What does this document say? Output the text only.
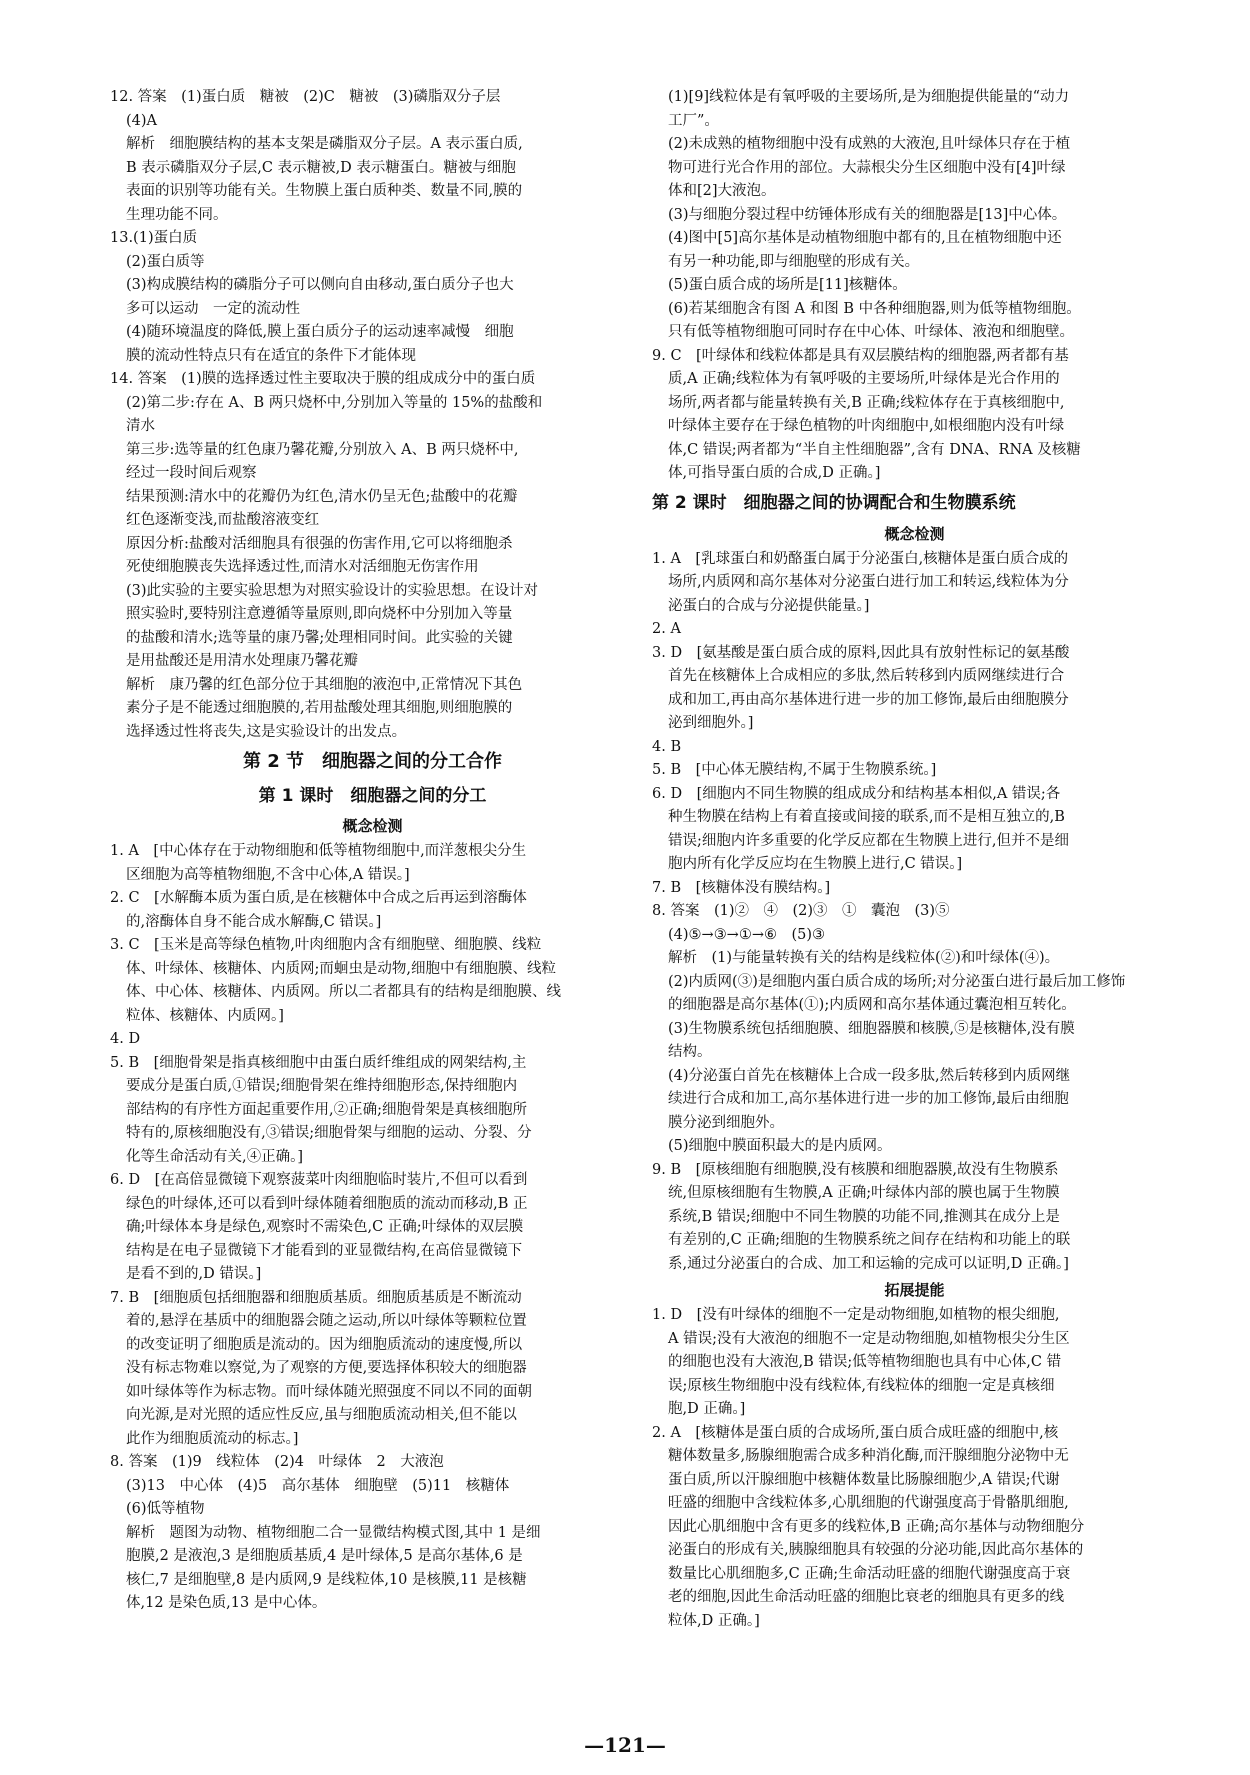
12. 答案　(1)蛋白质　糖被　(2)C　糖被　(3)磷脂双分子层
(4)A
解析　细胞膜结构的基本支架是磷脂双分子层。A 表示蛋白质,
B 表示磷脂双分子层,C 表示糖被,D 表示糖蛋白。糖被与细胞
表面的识别等功能有关。生物膜上蛋白质种类、数量不同,膜的
生理功能不同。
13.(1)蛋白质
(2)蛋白质等
(3)构成膜结构的磷脂分子可以侧向自由移动,蛋白质分子也大
多可以运动　一定的流动性
(4)随环境温度的降低,膜上蛋白质分子的运动速率减慢　细胞
膜的流动性特点只有在适宜的条件下才能体现
14. 答案　(1)膜的选择透过性主要取决于膜的组成成分中的蛋白质
(2)第二步:存在 A、B 两只烧杯中,分别加入等量的 15%的盐酸和
清水
第三步:选等量的红色康乃馨花瓣,分别放入 A、B 两只烧杯中,
经过一段时间后观察
结果预测:清水中的花瓣仍为红色,清水仍呈无色;盐酸中的花瓣
红色逐渐变浅,而盐酸溶液变红
原因分析:盐酸对活细胞具有很强的伤害作用,它可以将细胞杀
死使细胞膜丧失选择透过性,而清水对活细胞无伤害作用
(3)此实验的主要实验思想为对照实验设计的实验思想。在设计对
照实验时,要特别注意遵循等量原则,即向烧杯中分别加入等量
的盐酸和清水;选等量的康乃馨;处理相同时间。此实验的关键
是用盐酸还是用清水处理康乃馨花瓣
解析　康乃馨的红色部分位于其细胞的液泡中,正常情况下其色
素分子是不能透过细胞膜的,若用盐酸处理其细胞,则细胞膜的
选择透过性将丧失,这是实验设计的出发点。
第 2 节　细胞器之间的分工合作
第 1 课时　细胞器之间的分工
概念检测
1. A　[中心体存在于动物细胞和低等植物细胞中,而洋葱根尖分生
区细胞为高等植物细胞,不含中心体,A 错误。]
2. C　[水解酶本质为蛋白质,是在核糖体中合成之后再运到溶酶体
的,溶酶体自身不能合成水解酶,C 错误。]
3. C　[玉米是高等绿色植物,叶肉细胞内含有细胞壁、细胞膜、线粒
体、叶绿体、核糖体、内质网;而蛔虫是动物,细胞中有细胞膜、线粒
体、中心体、核糖体、内质网。所以二者都具有的结构是细胞膜、线
粒体、核糖体、内质网。]
4. D
5. B　[细胞骨架是指真核细胞中由蛋白质纤维组成的网架结构,主
要成分是蛋白质,①错误;细胞骨架在维持细胞形态,保持细胞内
部结构的有序性方面起重要作用,②正确;细胞骨架是真核细胞所
特有的,原核细胞没有,③错误;细胞骨架与细胞的运动、分裂、分
化等生命活动有关,④正确。]
6. D　[在高倍显微镜下观察菠菜叶肉细胞临时装片,不但可以看到
绿色的叶绿体,还可以看到叶绿体随着细胞质的流动而移动,B 正
确;叶绿体本身是绿色,观察时不需染色,C 正确;叶绿体的双层膜
结构是在电子显微镜下才能看到的亚显微结构,在高倍显微镜下
是看不到的,D 错误。]
7. B　[细胞质包括细胞器和细胞质基质。细胞质基质是不断流动
着的,悬浮在基质中的细胞器会随之运动,所以叶绿体等颗粒位置
的改变证明了细胞质是流动的。因为细胞质流动的速度慢,所以
没有标志物难以察觉,为了观察的方便,要选择体积较大的细胞器
如叶绿体等作为标志物。而叶绿体随光照强度不同以不同的面朝
向光源,是对光照的适应性反应,虽与细胞质流动相关,但不能以
此作为细胞质流动的标志。]
8. 答案　(1)9　线粒体　(2)4　叶绿体　2　大液泡
(3)13　中心体　(4)5　高尔基体　细胞壁　(5)11　核糖体
(6)低等植物
解析　题图为动物、植物细胞二合一显微结构模式图,其中 1 是细
胞膜,2 是液泡,3 是细胞质基质,4 是叶绿体,5 是高尔基体,6 是
核仁,7 是细胞壁,8 是内质网,9 是线粒体,10 是核膜,11 是核糖
体,12 是染色质,13 是中心体。
(1)[9]线粒体是有氧呼吸的主要场所,是为细胞提供能量的“动力
工厂”。
(2)未成熟的植物细胞中没有成熟的大液泡,且叶绿体只存在于植
物可进行光合作用的部位。大蒜根尖分生区细胞中没有[4]叶绿
体和[2]大液泡。
(3)与细胞分裂过程中纺锤体形成有关的细胞器是[13]中心体。
(4)图中[5]高尔基体是动植物细胞中都有的,且在植物细胞中还
有另一种功能,即与细胞壁的形成有关。
(5)蛋白质合成的场所是[11]核糖体。
(6)若某细胞含有图 A 和图 B 中各种细胞器,则为低等植物细胞。
只有低等植物细胞可同时存在中心体、叶绿体、液泡和细胞壁。
9. C　[叶绿体和线粒体都是具有双层膜结构的细胞器,两者都有基
质,A 正确;线粒体为有氧呼吸的主要场所,叶绿体是光合作用的
场所,两者都与能量转换有关,B 正确;线粒体存在于真核细胞中,
叶绿体主要存在于绿色植物的叶肉细胞中,如根细胞内没有叶绿
体,C 错误;两者都为“半自主性细胞器”,含有 DNA、RNA 及核糖
体,可指导蛋白质的合成,D 正确。]
第 2 课时　细胞器之间的协调配合和生物膜系统
概念检测
1. A　[乳球蛋白和奶酪蛋白属于分泌蛋白,核糖体是蛋白质合成的
场所,内质网和高尔基体对分泌蛋白进行加工和转运,线粒体为分
泌蛋白的合成与分泌提供能量。]
2. A
3. D　[氨基酸是蛋白质合成的原料,因此具有放射性标记的氨基酸
首先在核糖体上合成相应的多肽,然后转移到内质网继续进行合
成和加工,再由高尔基体进行进一步的加工修饰,最后由细胞膜分
泌到细胞外。]
4. B
5. B　[中心体无膜结构,不属于生物膜系统。]
6. D　[细胞内不同生物膜的组成成分和结构基本相似,A 错误;各
种生物膜在结构上有着直接或间接的联系,而不是相互独立的,B
错误;细胞内许多重要的化学反应都在生物膜上进行,但并不是细
胞内所有化学反应均在生物膜上进行,C 错误。]
7. B　[核糖体没有膜结构。]
8. 答案　(1)②　④　(2)③　①　囊泡　(3)⑤
(4)⑤→③→①→⑥　(5)③
解析　(1)与能量转换有关的结构是线粒体(②)和叶绿体(④)。
(2)内质网(③)是细胞内蛋白质合成的场所;对分泌蛋白进行最后加工修饰
的细胞器是高尔基体(①);内质网和高尔基体通过囊泡相互转化。
(3)生物膜系统包括细胞膜、细胞器膜和核膜,⑤是核糖体,没有膜
结构。
(4)分泌蛋白首先在核糖体上合成一段多肽,然后转移到内质网继
续进行合成和加工,高尔基体进行进一步的加工修饰,最后由细胞
膜分泌到细胞外。
(5)细胞中膜面积最大的是内质网。
9. B　[原核细胞有细胞膜,没有核膜和细胞器膜,故没有生物膜系
统,但原核细胞有生物膜,A 正确;叶绿体内部的膜也属于生物膜
系统,B 错误;细胞中不同生物膜的功能不同,推测其在成分上是
有差别的,C 正确;细胞的生物膜系统之间存在结构和功能上的联
系,通过分泌蛋白的合成、加工和运输的完成可以证明,D 正确。]
拓展提能
1. D　[没有叶绿体的细胞不一定是动物细胞,如植物的根尖细胞,
A 错误;没有大液泡的细胞不一定是动物细胞,如植物根尖分生区
的细胞也没有大液泡,B 错误;低等植物细胞也具有中心体,C 错
误;原核生物细胞中没有线粒体,有线粒体的细胞一定是真核细
胞,D 正确。]
2. A　[核糖体是蛋白质的合成场所,蛋白质合成旺盛的细胞中,核
糖体数量多,肠腺细胞需合成多种消化酶,而汗腺细胞分泌物中无
蛋白质,所以汗腺细胞中核糖体数量比肠腺细胞少,A 错误;代谢
旺盛的细胞中含线粒体多,心肌细胞的代谢强度高于骨骼肌细胞,
因此心肌细胞中含有更多的线粒体,B 正确;高尔基体与动物细胞分
泌蛋白的形成有关,胰腺细胞具有较强的分泌功能,因此高尔基体的
数量比心肌细胞多,C 正确;生命活动旺盛的细胞代谢强度高于衰
老的细胞,因此生命活动旺盛的细胞比衰老的细胞具有更多的线
粒体,D 正确。]
—121—
